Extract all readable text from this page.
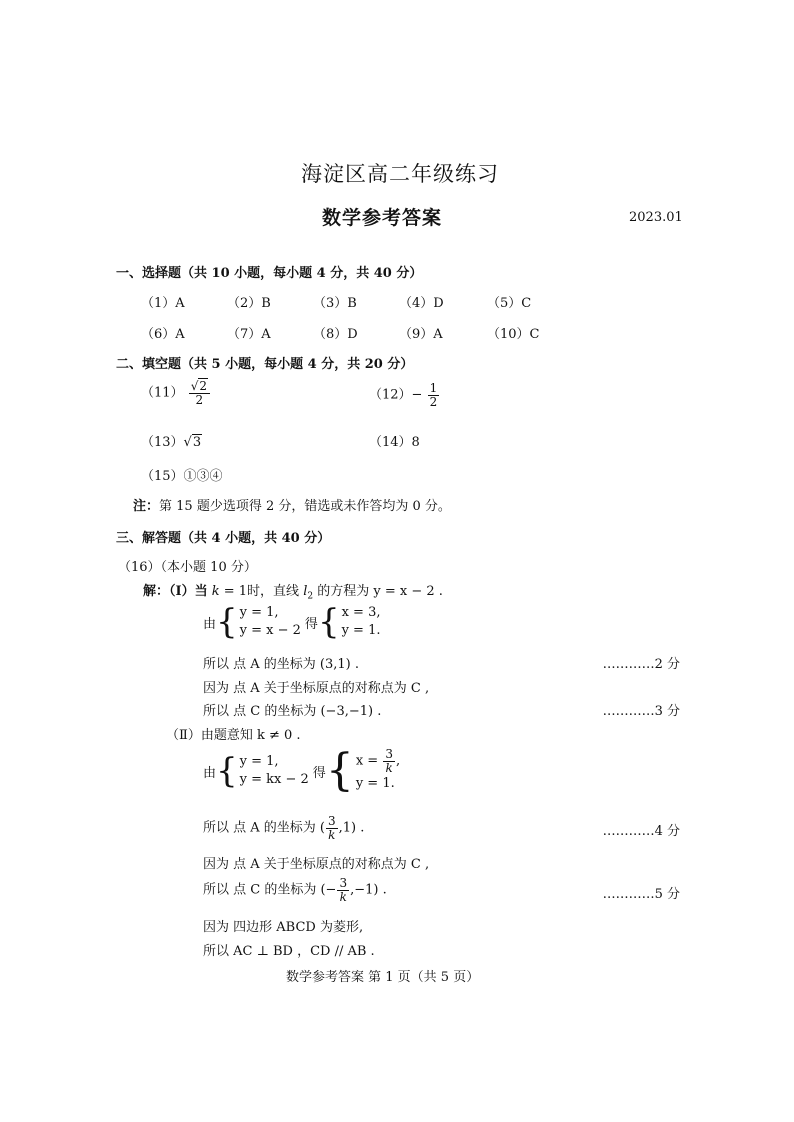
海淀区高二年级练习
数学参考答案	2023.01
一、选择题（共 10 小题，每小题 4 分，共 40 分）
（1）A	（2）B	（3）B	（4）D	（5）C
（6）A	（7）A	（8）D	（9）A	（10）C
二、填空题（共 5 小题，每小题 4 分，共 20 分）
$(11) \frac{√2}{2}$	$(12)- \frac{1}{2}$
（13）√3	（14）8
（15）①③④
注：第 15 题少选项得 2 分，错选或未作答均为 0 分。
三、解答题（共 4 小题，共 40 分）
（16）（本小题 10 分）
解：（Ⅰ）当 k = 1时，直线 $l_2$ 的方程为 y = x − 2 .
由 { y = 1,
y = x − 2 得 { x = 3,
y = 1.
所以 点 A 的坐标为 (3,1) .	…………2 分
因为 点 A 关于坐标原点的对称点为 C ,
所以 点 C 的坐标为 (−3,−1) .	…………3 分
（Ⅱ）由题意知 k ≠ 0 .
由 { y = 1,
y = kx − 2 得 { $x = \frac{3}{k}$ ,
y = 1.
所以 点 A 的坐标为 ( $\frac{3}{k} ,1$) .	…………4 分
因为 点 A 关于坐标原点的对称点为 C ,
所以 点 C 的坐标为 (− $\frac{3}{k} ,-1$) .	…………5 分
因为 四边形 ABCD 为菱形,
所以 AC ⊥ BD ，CD // AB .
数学参考答案 第 1 页（共 5 页）
